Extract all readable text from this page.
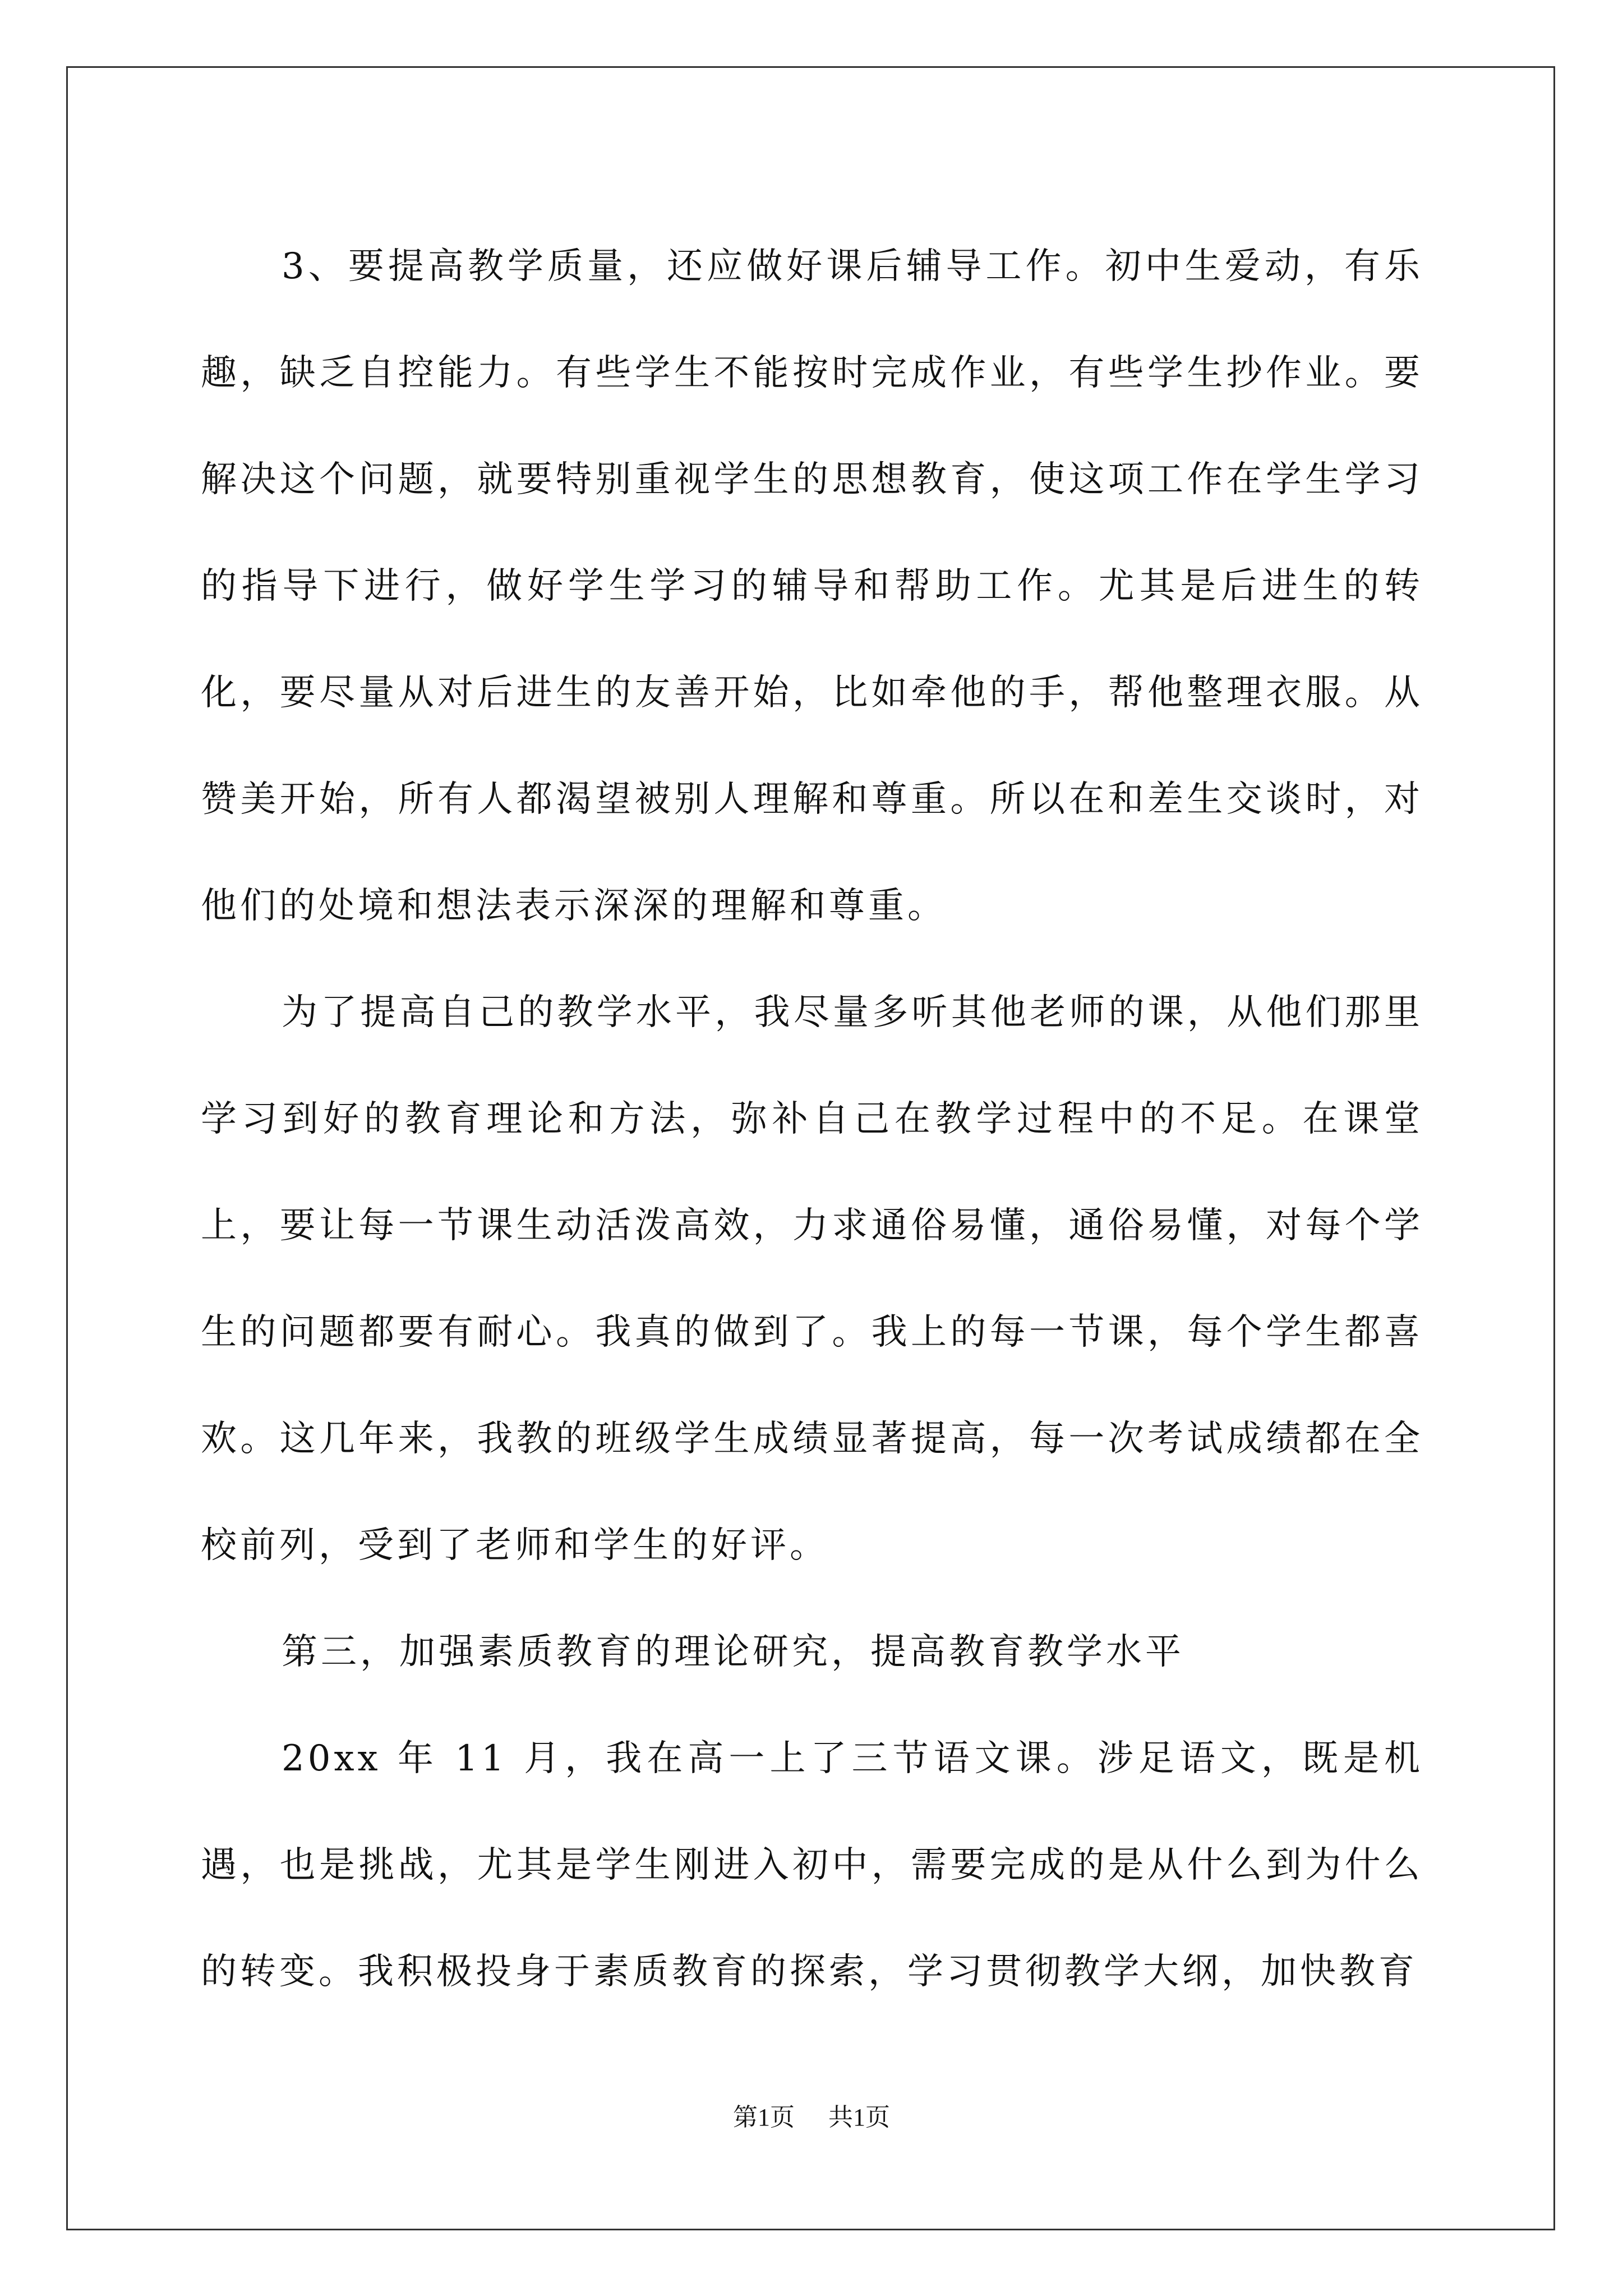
3、要提高教学质量，还应做好课后辅导工作。初中生爱动，有乐趣，缺乏自控能力。有些学生不能按时完成作业，有些学生抄作业。要解决这个问题，就要特别重视学生的思想教育，使这项工作在学生学习的指导下进行，做好学生学习的辅导和帮助工作。尤其是后进生的转化，要尽量从对后进生的友善开始，比如牵他的手，帮他整理衣服。从赞美开始，所有人都渴望被别人理解和尊重。所以在和差生交谈时，对他们的处境和想法表示深深的理解和尊重。

为了提高自己的教学水平，我尽量多听其他老师的课，从他们那里学习到好的教育理论和方法，弥补自己在教学过程中的不足。在课堂上，要让每一节课生动活泼高效，力求通俗易懂，通俗易懂，对每个学生的问题都要有耐心。我真的做到了。我上的每一节课，每个学生都喜欢。这几年来，我教的班级学生成绩显著提高，每一次考试成绩都在全校前列，受到了老师和学生的好评。

第三，加强素质教育的理论研究，提高教育教学水平

20xx 年 11 月，我在高一上了三节语文课。涉足语文，既是机遇，也是挑战，尤其是学生刚进入初中，需要完成的是从什么到为什么的转变。我积极投身于素质教育的探索，学习贯彻教学大纲，加快教育

第1页 共1页
